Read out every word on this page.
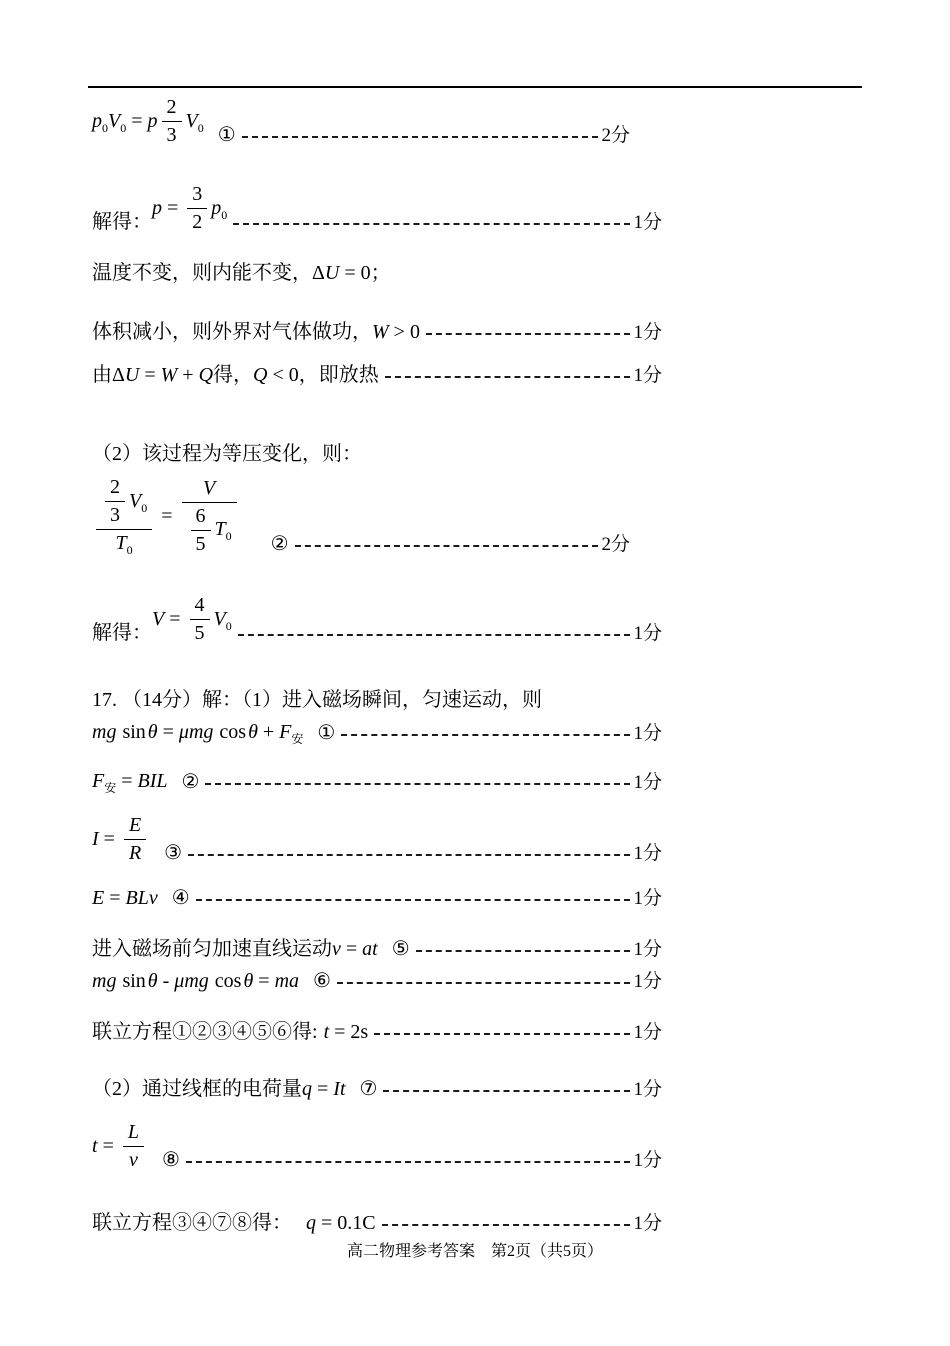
$p_0V_0 = p \frac{2}{3} V_0$ ①	2分
解得：
$p = \frac{3}{2} p_0$	1分
温度不变，则内能不变，ΔU = 0；
体积减小，则外界对气体做功，W > 0	1分
由ΔU = W + Q得，Q < 0，即放热	1分
（2）该过程为等压变化，则：
$\frac{\frac{2}{3} V_0}{T_0} = \frac{V}{\frac{6}{5} T_0}$ ②	2分
解得：
$V = \frac{4}{5} V_0$	1分
17. （14分）解：（1）进入磁场瞬间，匀速运动，则
mg sin θ = μmg $\cos \theta + F_安$ ①	1分
$F_安$ = BIL ②	1分
$I = \frac{E}{R}$ ③	1分
E = BLv ④	1分
进入磁场前匀加速直线运动v = at ⑤	1分
mg sin θ - μmg cos θ = ma ⑥	1分
联立方程①②③④⑤⑥得: t = 2s	1分
（2）通过线框的电荷量q = It ⑦	1分
$t = \frac{L}{v}$ ⑧	1分
联立方程③④⑦⑧得： q = 0.1C	1分
高二物理参考答案　第2页（共5页）
